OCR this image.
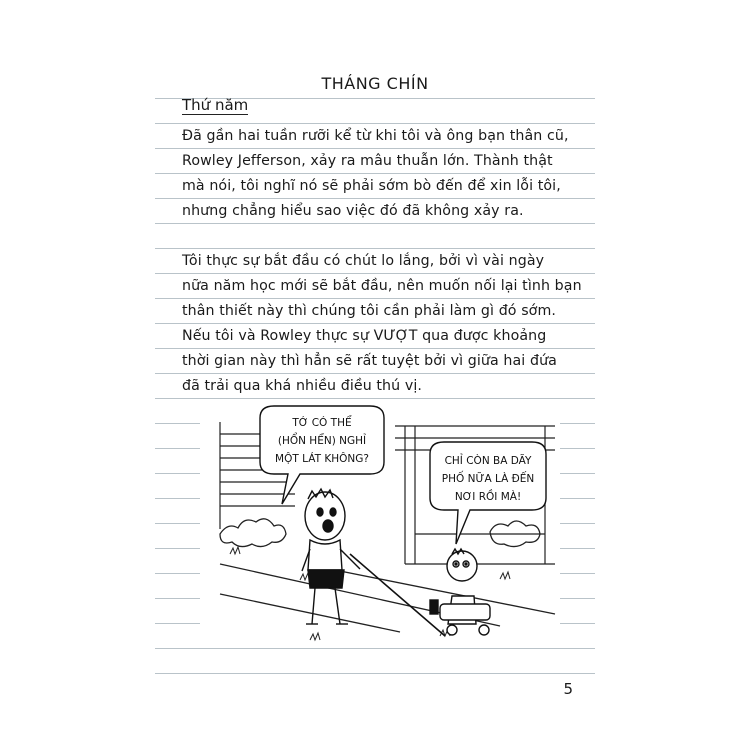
THÁNG CHÍN
Thứ năm
Đã gần hai tuần rưỡi kể từ khi tôi và ông bạn thân cũ,
Rowley Jefferson, xảy ra mâu thuẫn lớn. Thành thật
mà nói, tôi nghĩ nó sẽ phải sớm bò đến để xin lỗi tôi,
nhưng chẳng hiểu sao việc đó đã không xảy ra.
Tôi thực sự bắt đầu có chút lo lắng, bởi vì vài ngày
nữa năm học mới sẽ bắt đầu, nên muốn nối lại tình bạn
thân thiết này thì chúng tôi cần phải làm gì đó sớm.
Nếu tôi và Rowley thực sự VƯỢT qua được khoảng
thời gian này thì hẳn sẽ rất tuyệt bởi vì giữa hai đứa
đã trải qua khá nhiều điều thú vị.
TỚ CÓ THỂ
(HỔN HỂN) NGHỈ
MỘT LÁT KHÔNG?	CHỈ CÒN BA DÃY
PHỐ NỮA LÀ ĐẾN
NƠI RỒI MÀ!
5
